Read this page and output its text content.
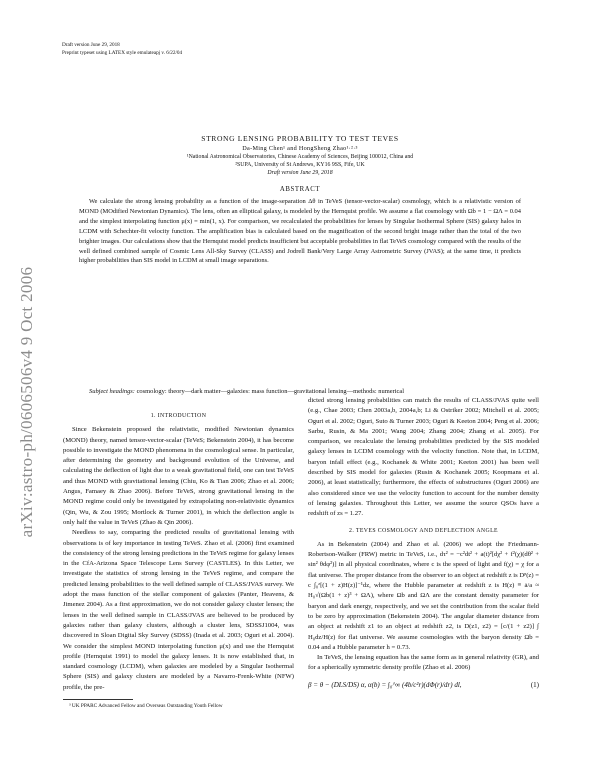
Draft version June 29, 2018
Preprint typeset using LATEX style emulateapj v. 6/22/04
arXiv:astro-ph/0606506v4 9 Oct 2006
STRONG LENSING PROBABILITY TO TEST TEVES
Da-Ming Chen¹ and HongSheng Zhao¹·²·³
¹National Astronomical Observatories, Chinese Academy of Sciences, Beijing 100012, China and
²SUPA, University of St Andrews, KY16 9SS, Fife, UK
Draft version June 29, 2018
ABSTRACT
We calculate the strong lensing probability as a function of the image-separation Δθ in TeVeS (tensor-vector-scalar) cosmology, which is a relativistic version of MOND (MOdified Newtonian Dynamics). The lens, often an elliptical galaxy, is modeled by the Hernquist profile. We assume a flat cosmology with Ωb = 1 − ΩΛ = 0.04 and the simplest interpolating function μ(x) = min(1, x). For comparison, we recalculated the probabilities for lenses by Singular Isothermal Sphere (SIS) galaxy halos in LCDM with Schechter-fit velocity function. The amplification bias is calculated based on the magnification of the second bright image rather than the total of the two brighter images. Our calculations show that the Hernquist model predicts insufficient but acceptable probabilities in flat TeVeS cosmology compared with the results of the well defined combined sample of Cosmic Lens All-Sky Survey (CLASS) and Jodrell Bank/Very Large Array Astrometric Survey (JVAS); at the same time, it predicts higher probabilities than SIS model in LCDM at small image separations.
Subject headings: cosmology: theory—dark matter—galaxies: mass function—gravitational lensing—methods: numerical

1. INTRODUCTION

Since Bekenstein proposed the relativistic, modified Newtonian dynamics (MOND) theory, named tensor-vector-scalar (TeVeS; Bekenstein 2004), it has become possible to investigate the MOND phenomena in the cosmological sense. In particular, after determining the geometry and background evolution of the Universe, and calculating the deflection of light due to a weak gravitational field, one can test TeVeS and thus MOND with gravitational lensing (Chiu, Ko & Tian 2006; Zhao et al. 2006; Angus, Famaey & Zhao 2006). Before TeVeS, strong gravitational lensing in the MOND regime could only be investigated by extrapolating non-relativistic dynamics (Qin, Wu, & Zou 1995; Mortlock & Turner 2001), in which the deflection angle is only half the value in TeVeS (Zhao & Qin 2006).

Needless to say, comparing the predicted results of gravitational lensing with observations is of key importance in testing TeVeS. Zhao et al. (2006) first examined the consistency of the strong lensing predictions in the TeVeS regime for galaxy lenses in the CfA-Arizona Space Telescope Lens Survey (CASTLES). In this Letter, we investigate the statistics of strong lensing in the TeVeS regime, and compare the predicted lensing probabilities to the well defined sample of CLASS/JVAS survey. We adopt the mass function of the stellar component of galaxies (Panter, Heavens, & Jimenez 2004). As a first approximation, we do not consider galaxy cluster lenses; the lenses in the well defined sample in CLASS/JVAS are believed to be produced by galaxies rather than galaxy clusters, although a cluster lens, SDSSJ1004, was discovered in Sloan Digital Sky Survey (SDSS) (Inada et al. 2003; Oguri et al. 2004). We consider the simplest MOND interpolating function μ(x) and use the Hernquist profile (Hernquist 1991) to model the galaxy lenses. It is now established that, in standard cosmology (LCDM), when galaxies are modeled by a Singular Isothermal Sphere (SIS) and galaxy clusters are modeled by a Navarro-Frenk-White (NFW) profile, the pre-

³ UK PPARC Advanced Fellow and Overseas Outstanding Youth Fellow

dicted strong lensing probabilities can match the results of CLASS/JVAS quite well (e.g., Chae 2003; Chen 2003a,b, 2004a,b; Li & Ostriker 2002; Mitchell et al. 2005; Oguri et al. 2002; Oguri, Suto & Turner 2003; Oguri & Keeton 2004; Peng et al. 2006; Sarbu, Rusin, & Ma 2001; Wang 2004; Zhang 2004; Zhang et al. 2005). For comparison, we recalculate the lensing probabilities predicted by the SIS modeled galaxy lenses in LCDM cosmology with the velocity function. Note that, in LCDM, baryon infall effect (e.g., Kochanek & White 2001; Keeton 2001) has been well described by SIS model for galaxies (Rusin & Kochanek 2005; Koopmans et al. 2006), at least statistically; furthermore, the effects of substructures (Oguri 2006) are also considered since we use the velocity function to account for the number density of lensing galaxies. Throughout this Letter, we assume the source QSOs have a redshift of zs = 1.27.

2. TEVES COSMOLOGY AND DEFLECTION ANGLE

As in Bekenstein (2004) and Zhao et al. (2006) we adopt the Friedmann-Robertson-Walker (FRW) metric in TeVeS, i.e., dτ² = −c²dt² + a(t)²[dχ² + f²(χ)(dθ² + sin² θdφ²)] in all physical coordinates, where c is the speed of light and f(χ) = χ for a flat universe. The proper distance from the observer to an object at redshift z is Dᵖ(z) = c ∫₀ᶻ[(1 + z)H(z)]⁻¹dz, where the Hubble parameter at redshift z is H(z) ≡ ȧ/a ≈ H₀√(Ωb(1 + z)³ + ΩΛ), where Ωb and ΩΛ are the constant density parameter for baryon and dark energy, respectively, and we set the contribution from the scalar field to be zero by approximation (Bekenstein 2004). The angular diameter distance from an object at redshift z1 to an object at redshift z2, is D(z1, z2) = [c/(1 + z2)] ∫ H₀dz/H(z) for flat universe. We assume cosmologies with the baryon density Ωb = 0.04 and a Hubble parameter h = 0.73.

In TeVeS, the lensing equation has the same form as in general relativity (GR), and for a spherically symmetric density profile (Zhao et al. 2006)

β = θ − (DLS/DS) α, α(b) = ∫₀^∞ (4b/c²r)(dΦ(r)/dr) dl,	(1)
